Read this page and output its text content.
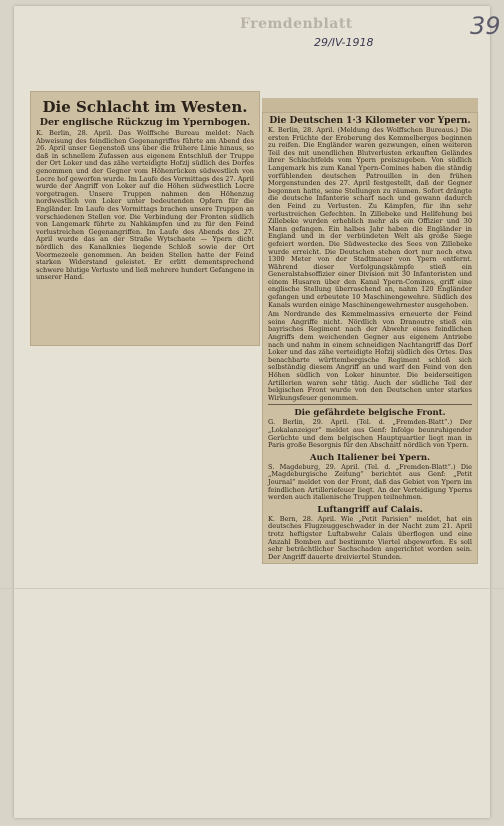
Fremdenblatt
29/IV-1918
39
Die Schlacht im Westen.
Der englische Rückzug im Ypernbogen.

K. Berlin, 28. April. Das Wolffsche Bureau meldet: Nach Abweisung des feindlichen Gegenangriffes führte am Abend des 26. April unser Gegenstoß uns über die frühere Linie hinaus, so daß in schnellem Zufassen aus eigenem Entschluß der Truppe der Ort Loker und das zähe verteidigte Hofzij südlich des Dorfes genommen und der Gegner vom Höhenrücken südwestlich von Locre hof geworfen wurde. Im Laufe des Vormittags des 27. April wurde der Angriff von Loker auf die Höhen südwestlich Locre vorgetragen. Unsere Truppen nahmen den Höhenzug nordwestlich von Loker unter bedeutenden Opfern für die Engländer. Im Laufe des Vormittags brachen unsere Truppen an verschiedenen Stellen vor. Die Verbindung der Fronten südlich von Langemark führte zu Nahkämpfen und zu für den Feind verlustreichen Gegenangriffen. Im Laufe des Abends des 27. April wurde das an der Straße Wytschaete — Ypern dicht nördlich des Kanalknies liegende Schloß sowie der Ort Voormezeele genommen. An beiden Stellen hatte der Feind starken Widerstand geleistet. Er erlitt dementsprechend schwere blutige Verluste und ließ mehrere hundert Gefangene in unserer Hand.

Die Deutschen 1·3 Kilometer vor Ypern.

K. Berlin, 28. April. (Meldung des Wolffschen Bureaus.) Die ersten Früchte der Eroberung des Kemmelberges beginnen zu reifen. Die Engländer waren gezwungen, einen weiteren Teil des mit unendlichen Blutverlusten erkauften Geländes ihrer Schlachtfelds vom Ypern preiszugeben. Von südlich Langemark bis zum Kanal Ypern-Comines haben die ständig vorfühlenden deutschen Patrouillen in den frühen Morgenstunden des 27. April festgestellt, daß der Gegner begonnen hatte, seine Stellungen zu räumen. Sofort drängte die deutsche Infanterie scharf nach und gewann dadurch den Feind zu Verlusten. Zu Kämpfen, für ihn sehr verlustreichen Gefechten. In Zillebeke und Hellfehung bei Zillebeke wurden erheblich mehr als ein Offizier und 30 Mann gefangen. Ein halbes Jahr haben die Engländer in England und in der verbündeten Welt als große Siege gefeiert worden. Die Südwestecke des Sees von Zillebeke wurde erreicht. Die Deutschen stehen dort nur noch etwa 1300 Meter von der Stadtmauer von Ypern entfernt. Während dieser Verfolgungskämpfe stieß ein Generalstabsoffizier einer Division mit 30 Infanteristen und einem Husaren über den Kanal Ypern-Comines, griff eine englische Stellung überraschend an, nahm 120 Engländer gefangen und erbeutete 10 Maschinengewehre. Südlich des Kanals wurden einige Maschinengewehrnester ausgehoben.

Am Nordrande des Kemmelmassivs erneuerte der Feind seine Angriffe nicht. Nördlich von Dranoutre stieß ein bayrisches Regiment nach der Abwehr eines feindlichen Angriffs dem weichenden Gegner aus eigenem Antriebe nach und nahm in einem schneidigen Nachtangriff das Dorf Loker und das zähe verteidigte Hofzij südlich des Ortes. Das benachbarte württembergische Regiment schloß sich selbständig diesem Angriff an und warf den Feind von den Höhen südlich von Loker hinunter. Die beiderseitigen Artillerien waren sehr tätig. Auch der südliche Teil der belgischen Front wurde von den Deutschen unter starkes Wirkungsfeuer genommen.

Die gefährdete belgische Front.

G. Berlin, 29. April. (Tel. d. „Fremden-Blatt“.) Der „Lokalanzeiger“ meldet aus Genf: Infolge beunruhigender Gerüchte und dem belgischen Hauptquartier liegt man in Paris große Besorgnis für den Abschnitt nördlich von Ypern.

Auch Italiener bei Ypern.

S. Magdeburg, 29. April. (Tel. d. „Fremden-Blatt“.) Die „Magdeburgische Zeitung“ berichtet aus Genf: „Petit Journal“ meldet von der Front, daß das Gebiet von Ypern im feindlichen Artilleriefeuer liegt. An der Verteidigung Yperns werden auch italienische Truppen teilnehmen.

Luftangriff auf Calais.

K. Bern, 28. April. Wie „Petit Parisien“ meldet, hat ein deutsches Flugzeuggeschwader in der Nacht zum 21. April trotz heftigster Luftabwehr Calais überflogen und eine Anzahl Bomben auf bestimmte Viertel abgeworfen. Es soll sehr beträchtlicher Sachschaden angerichtet worden sein. Der Angriff dauerte dreiviertel Stunden.
